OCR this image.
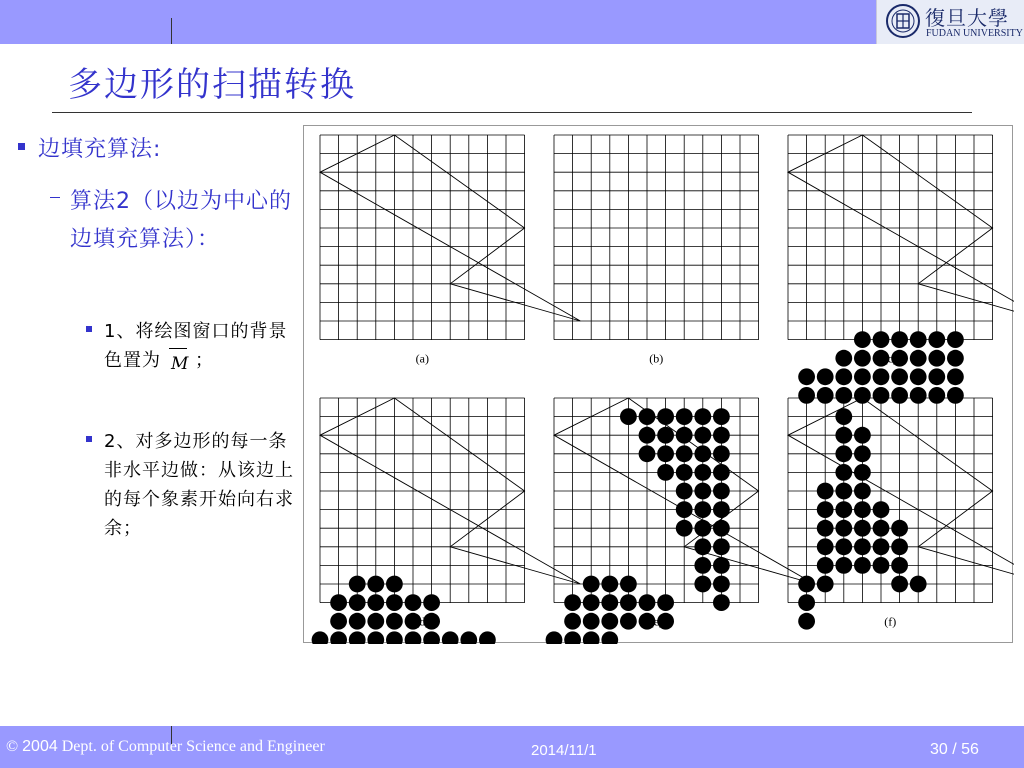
復旦大學
FUDAN UNIVERSITY
多边形的扫描转换
边填充算法:
算法2（以边为中心的边填充算法）：
1、将绘图窗口的背景色置为 M ；
2、对多边形的每一条非水平边做：从该边上的每个象素开始向右求余；
(a)	(b)	(c)
(d)	(e)	(f)
© 2004 Dept. of Computer Science and Engineer	2014/11/1	30 / 56
